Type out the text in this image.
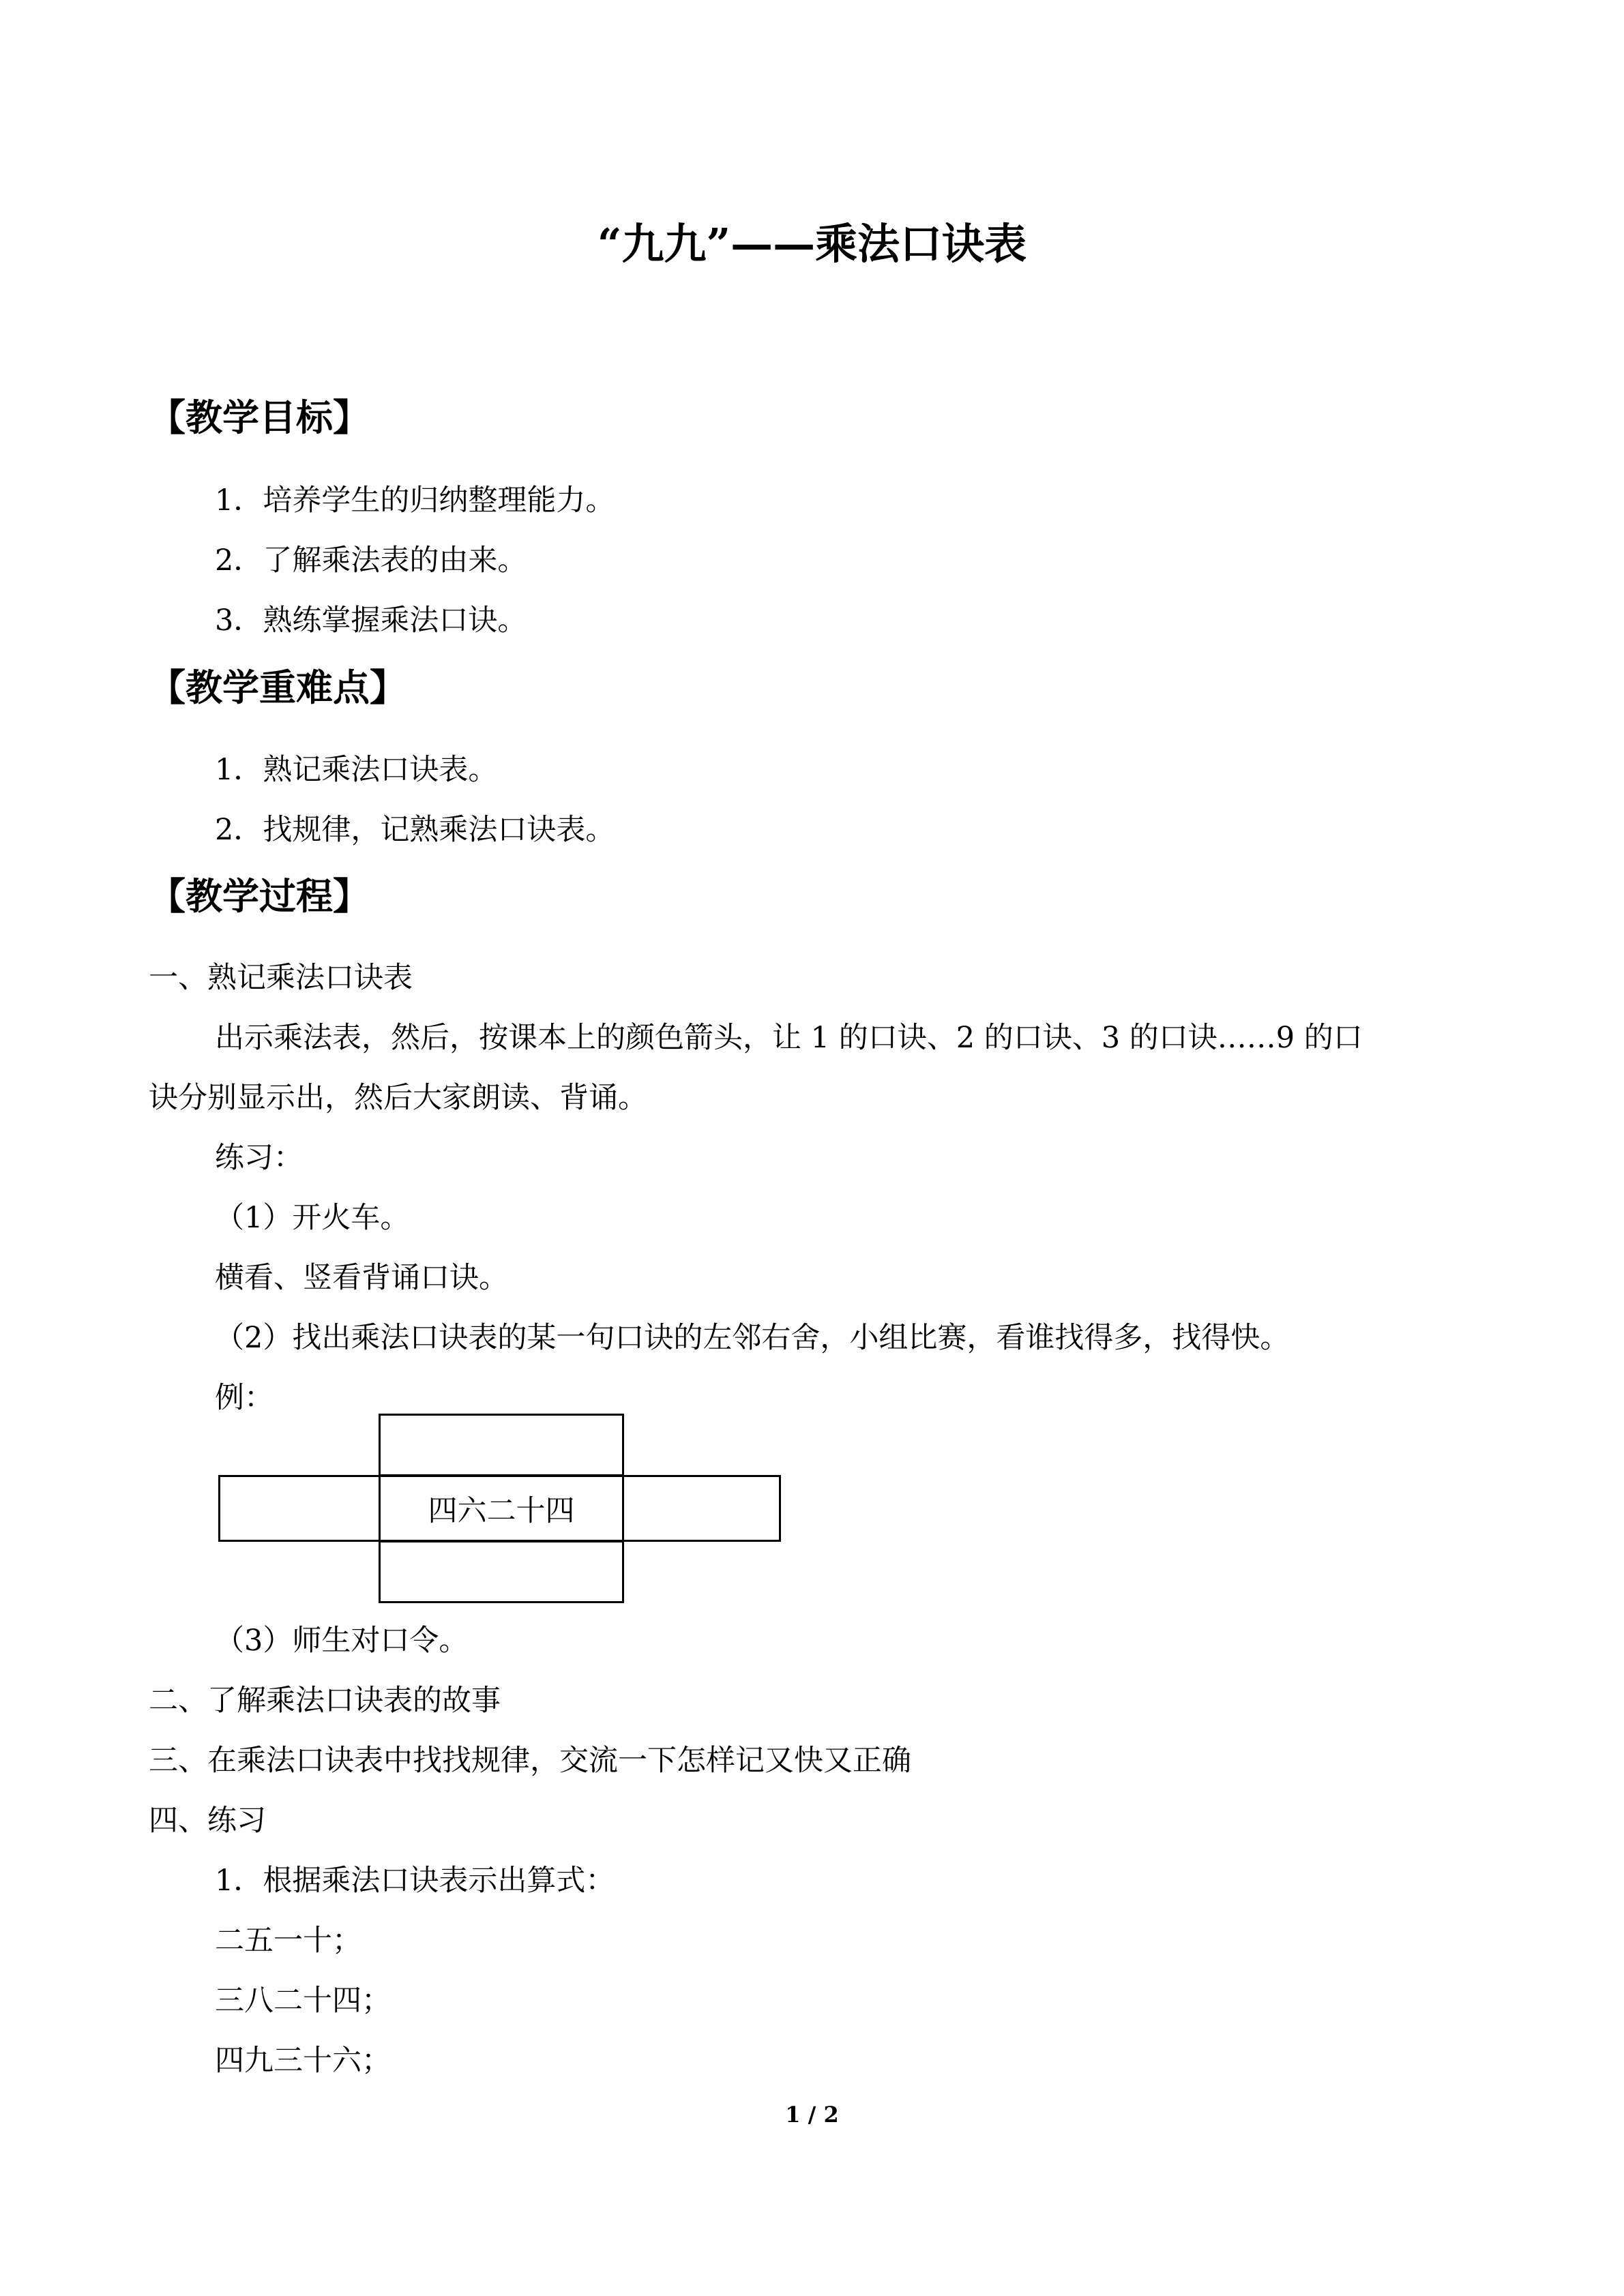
“九九”——乘法口诀表
【教学目标】
1．培养学生的归纳整理能力。
2．了解乘法表的由来。
3．熟练掌握乘法口诀。
【教学重难点】
1．熟记乘法口诀表。
2．找规律，记熟乘法口诀表。
【教学过程】
一、熟记乘法口诀表
出示乘法表，然后，按课本上的颜色箭头，让 1 的口诀、2 的口诀、3 的口诀……9 的口
诀分别显示出，然后大家朗读、背诵。
练习：
（1）开火车。
横看、竖看背诵口诀。
（2）找出乘法口诀表的某一句口诀的左邻右舍，小组比赛，看谁找得多，找得快。
例：
四六二十四
（3）师生对口令。
二、了解乘法口诀表的故事
三、在乘法口诀表中找找规律，交流一下怎样记又快又正确
四、练习
1．根据乘法口诀表示出算式：
二五一十；
三八二十四；
四九三十六；
1 / 2
